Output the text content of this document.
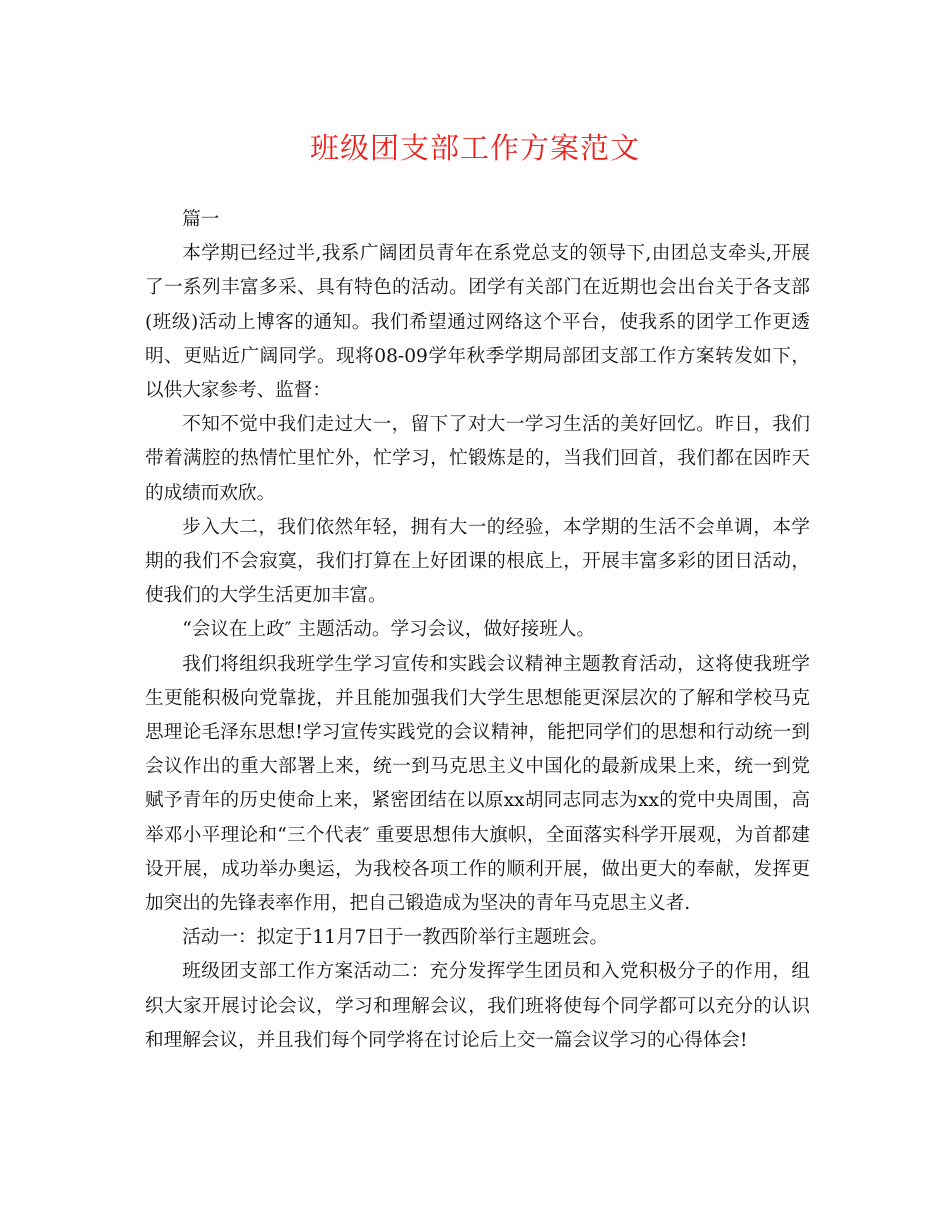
班级团支部工作方案范文

篇一

本学期已经过半,我系广阔团员青年在系党总支的领导下,由团总支牵头,开展了一系列丰富多采、具有特色的活动。团学有关部门在近期也会出台关于各支部(班级)活动上博客的通知。我们希望通过网络这个平台，使我系的团学工作更透明、更贴近广阔同学。现将08-09学年秋季学期局部团支部工作方案转发如下，以供大家参考、监督：

不知不觉中我们走过大一，留下了对大一学习生活的美好回忆。昨日，我们带着满腔的热情忙里忙外，忙学习，忙锻炼是的，当我们回首，我们都在因昨天的成绩而欢欣。

步入大二，我们依然年轻，拥有大一的经验，本学期的生活不会单调，本学期的我们不会寂寞，我们打算在上好团课的根底上，开展丰富多彩的团日活动，使我们的大学生活更加丰富。

“会议在上政″ 主题活动。学习会议，做好接班人。

我们将组织我班学生学习宣传和实践会议精神主题教育活动，这将使我班学生更能积极向党靠拢，并且能加强我们大学生思想能更深层次的了解和学校马克思理论毛泽东思想!学习宣传实践党的会议精神，能把同学们的思想和行动统一到会议作出的重大部署上来，统一到马克思主义中国化的最新成果上来，统一到党赋予青年的历史使命上来，紧密团结在以原xx胡同志同志为xx的党中央周围，高举邓小平理论和“三个代表″ 重要思想伟大旗帜，全面落实科学开展观，为首都建设开展，成功举办奥运，为我校各项工作的顺利开展，做出更大的奉献，发挥更加突出的先锋表率作用，把自己锻造成为坚决的青年马克思主义者.

活动一：拟定于11月7日于一教西阶举行主题班会。

班级团支部工作方案活动二：充分发挥学生团员和入党积极分子的作用，组织大家开展讨论会议，学习和理解会议，我们班将使每个同学都可以充分的认识和理解会议，并且我们每个同学将在讨论后上交一篇会议学习的心得体会!
